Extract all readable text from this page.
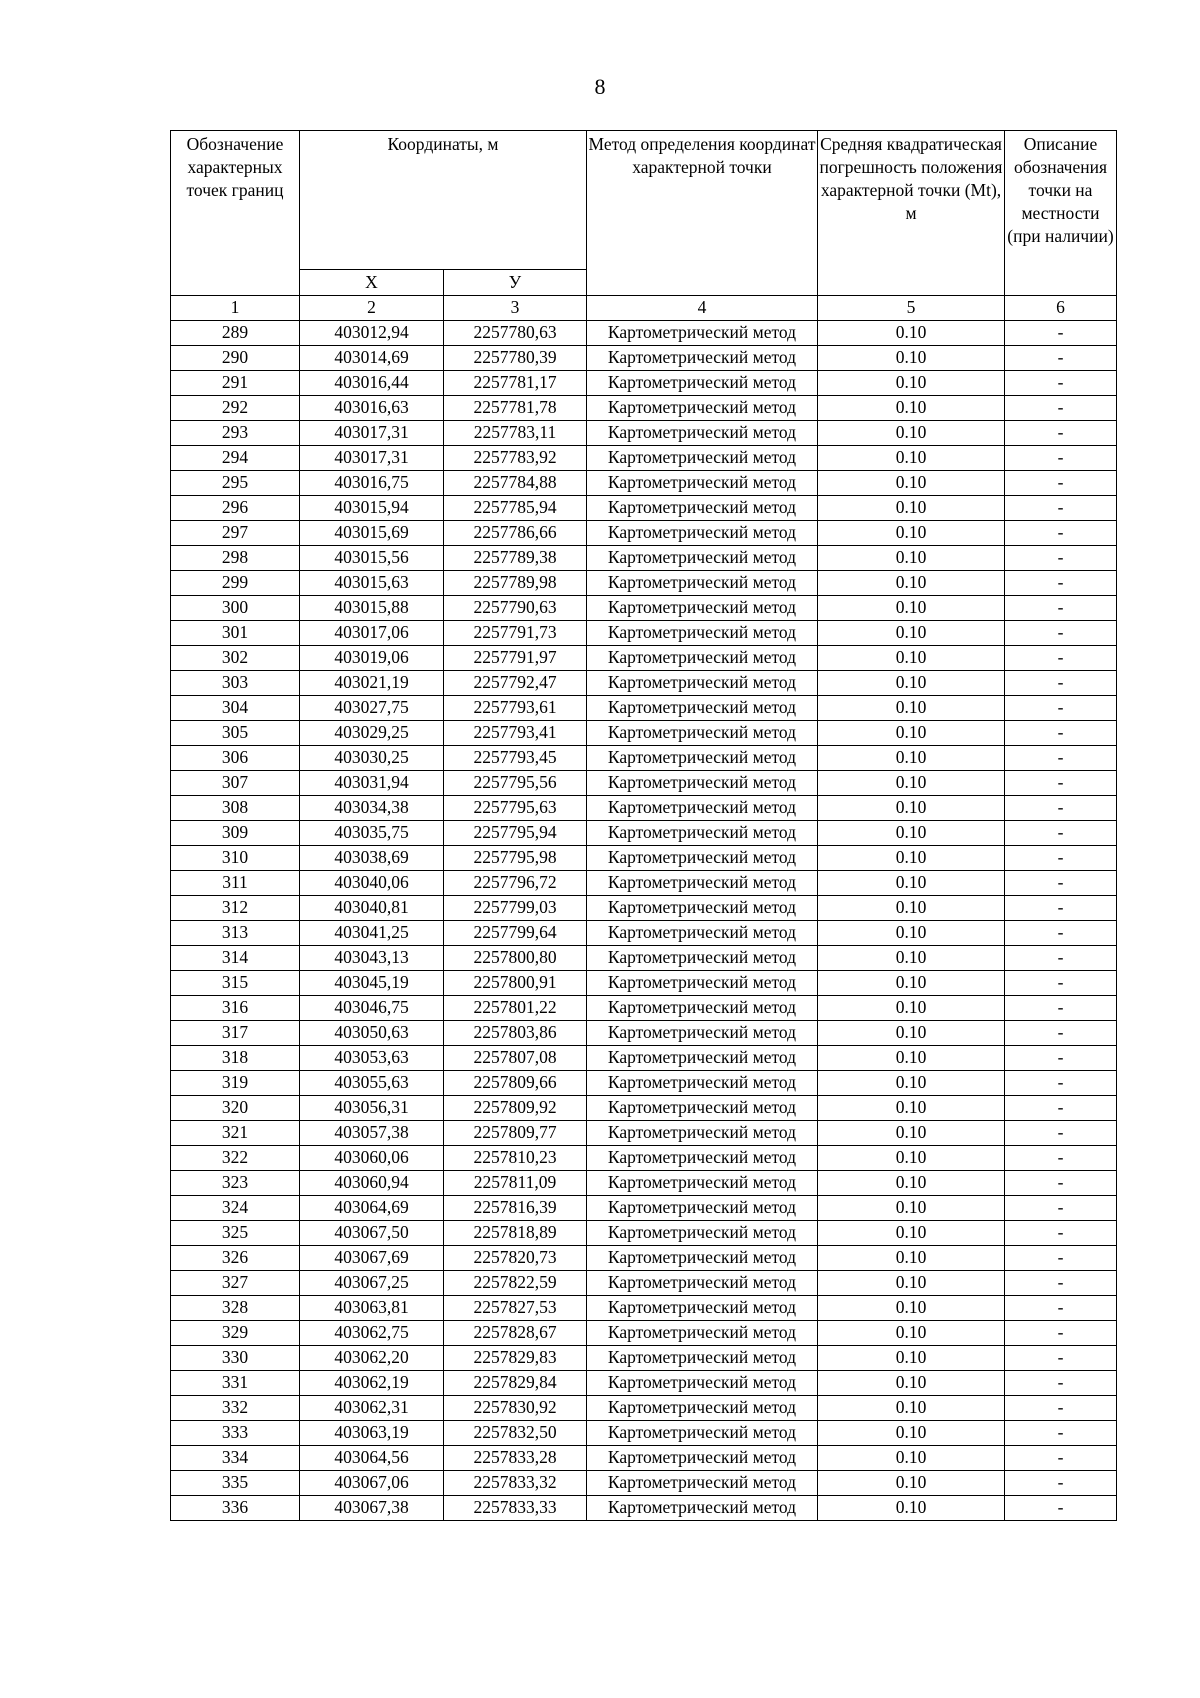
8
Обозначение характерных точек границ	Координаты, м		Метод определения координат характерной точки	Средняя квадратическая погрешность положения характерной точки (Mt), м	Описание обозначения точки на местности (при наличии)
	Х	У			
1	2	3	4	5	6
289	403012,94	2257780,63	Картометрический метод	0.10	-
290	403014,69	2257780,39	Картометрический метод	0.10	-
291	403016,44	2257781,17	Картометрический метод	0.10	-
292	403016,63	2257781,78	Картометрический метод	0.10	-
293	403017,31	2257783,11	Картометрический метод	0.10	-
294	403017,31	2257783,92	Картометрический метод	0.10	-
295	403016,75	2257784,88	Картометрический метод	0.10	-
296	403015,94	2257785,94	Картометрический метод	0.10	-
297	403015,69	2257786,66	Картометрический метод	0.10	-
298	403015,56	2257789,38	Картометрический метод	0.10	-
299	403015,63	2257789,98	Картометрический метод	0.10	-
300	403015,88	2257790,63	Картометрический метод	0.10	-
301	403017,06	2257791,73	Картометрический метод	0.10	-
302	403019,06	2257791,97	Картометрический метод	0.10	-
303	403021,19	2257792,47	Картометрический метод	0.10	-
304	403027,75	2257793,61	Картометрический метод	0.10	-
305	403029,25	2257793,41	Картометрический метод	0.10	-
306	403030,25	2257793,45	Картометрический метод	0.10	-
307	403031,94	2257795,56	Картометрический метод	0.10	-
308	403034,38	2257795,63	Картометрический метод	0.10	-
309	403035,75	2257795,94	Картометрический метод	0.10	-
310	403038,69	2257795,98	Картометрический метод	0.10	-
311	403040,06	2257796,72	Картометрический метод	0.10	-
312	403040,81	2257799,03	Картометрический метод	0.10	-
313	403041,25	2257799,64	Картометрический метод	0.10	-
314	403043,13	2257800,80	Картометрический метод	0.10	-
315	403045,19	2257800,91	Картометрический метод	0.10	-
316	403046,75	2257801,22	Картометрический метод	0.10	-
317	403050,63	2257803,86	Картометрический метод	0.10	-
318	403053,63	2257807,08	Картометрический метод	0.10	-
319	403055,63	2257809,66	Картометрический метод	0.10	-
320	403056,31	2257809,92	Картометрический метод	0.10	-
321	403057,38	2257809,77	Картометрический метод	0.10	-
322	403060,06	2257810,23	Картометрический метод	0.10	-
323	403060,94	2257811,09	Картометрический метод	0.10	-
324	403064,69	2257816,39	Картометрический метод	0.10	-
325	403067,50	2257818,89	Картометрический метод	0.10	-
326	403067,69	2257820,73	Картометрический метод	0.10	-
327	403067,25	2257822,59	Картометрический метод	0.10	-
328	403063,81	2257827,53	Картометрический метод	0.10	-
329	403062,75	2257828,67	Картометрический метод	0.10	-
330	403062,20	2257829,83	Картометрический метод	0.10	-
331	403062,19	2257829,84	Картометрический метод	0.10	-
332	403062,31	2257830,92	Картометрический метод	0.10	-
333	403063,19	2257832,50	Картометрический метод	0.10	-
334	403064,56	2257833,28	Картометрический метод	0.10	-
335	403067,06	2257833,32	Картометрический метод	0.10	-
336	403067,38	2257833,33	Картометрический метод	0.10	-
